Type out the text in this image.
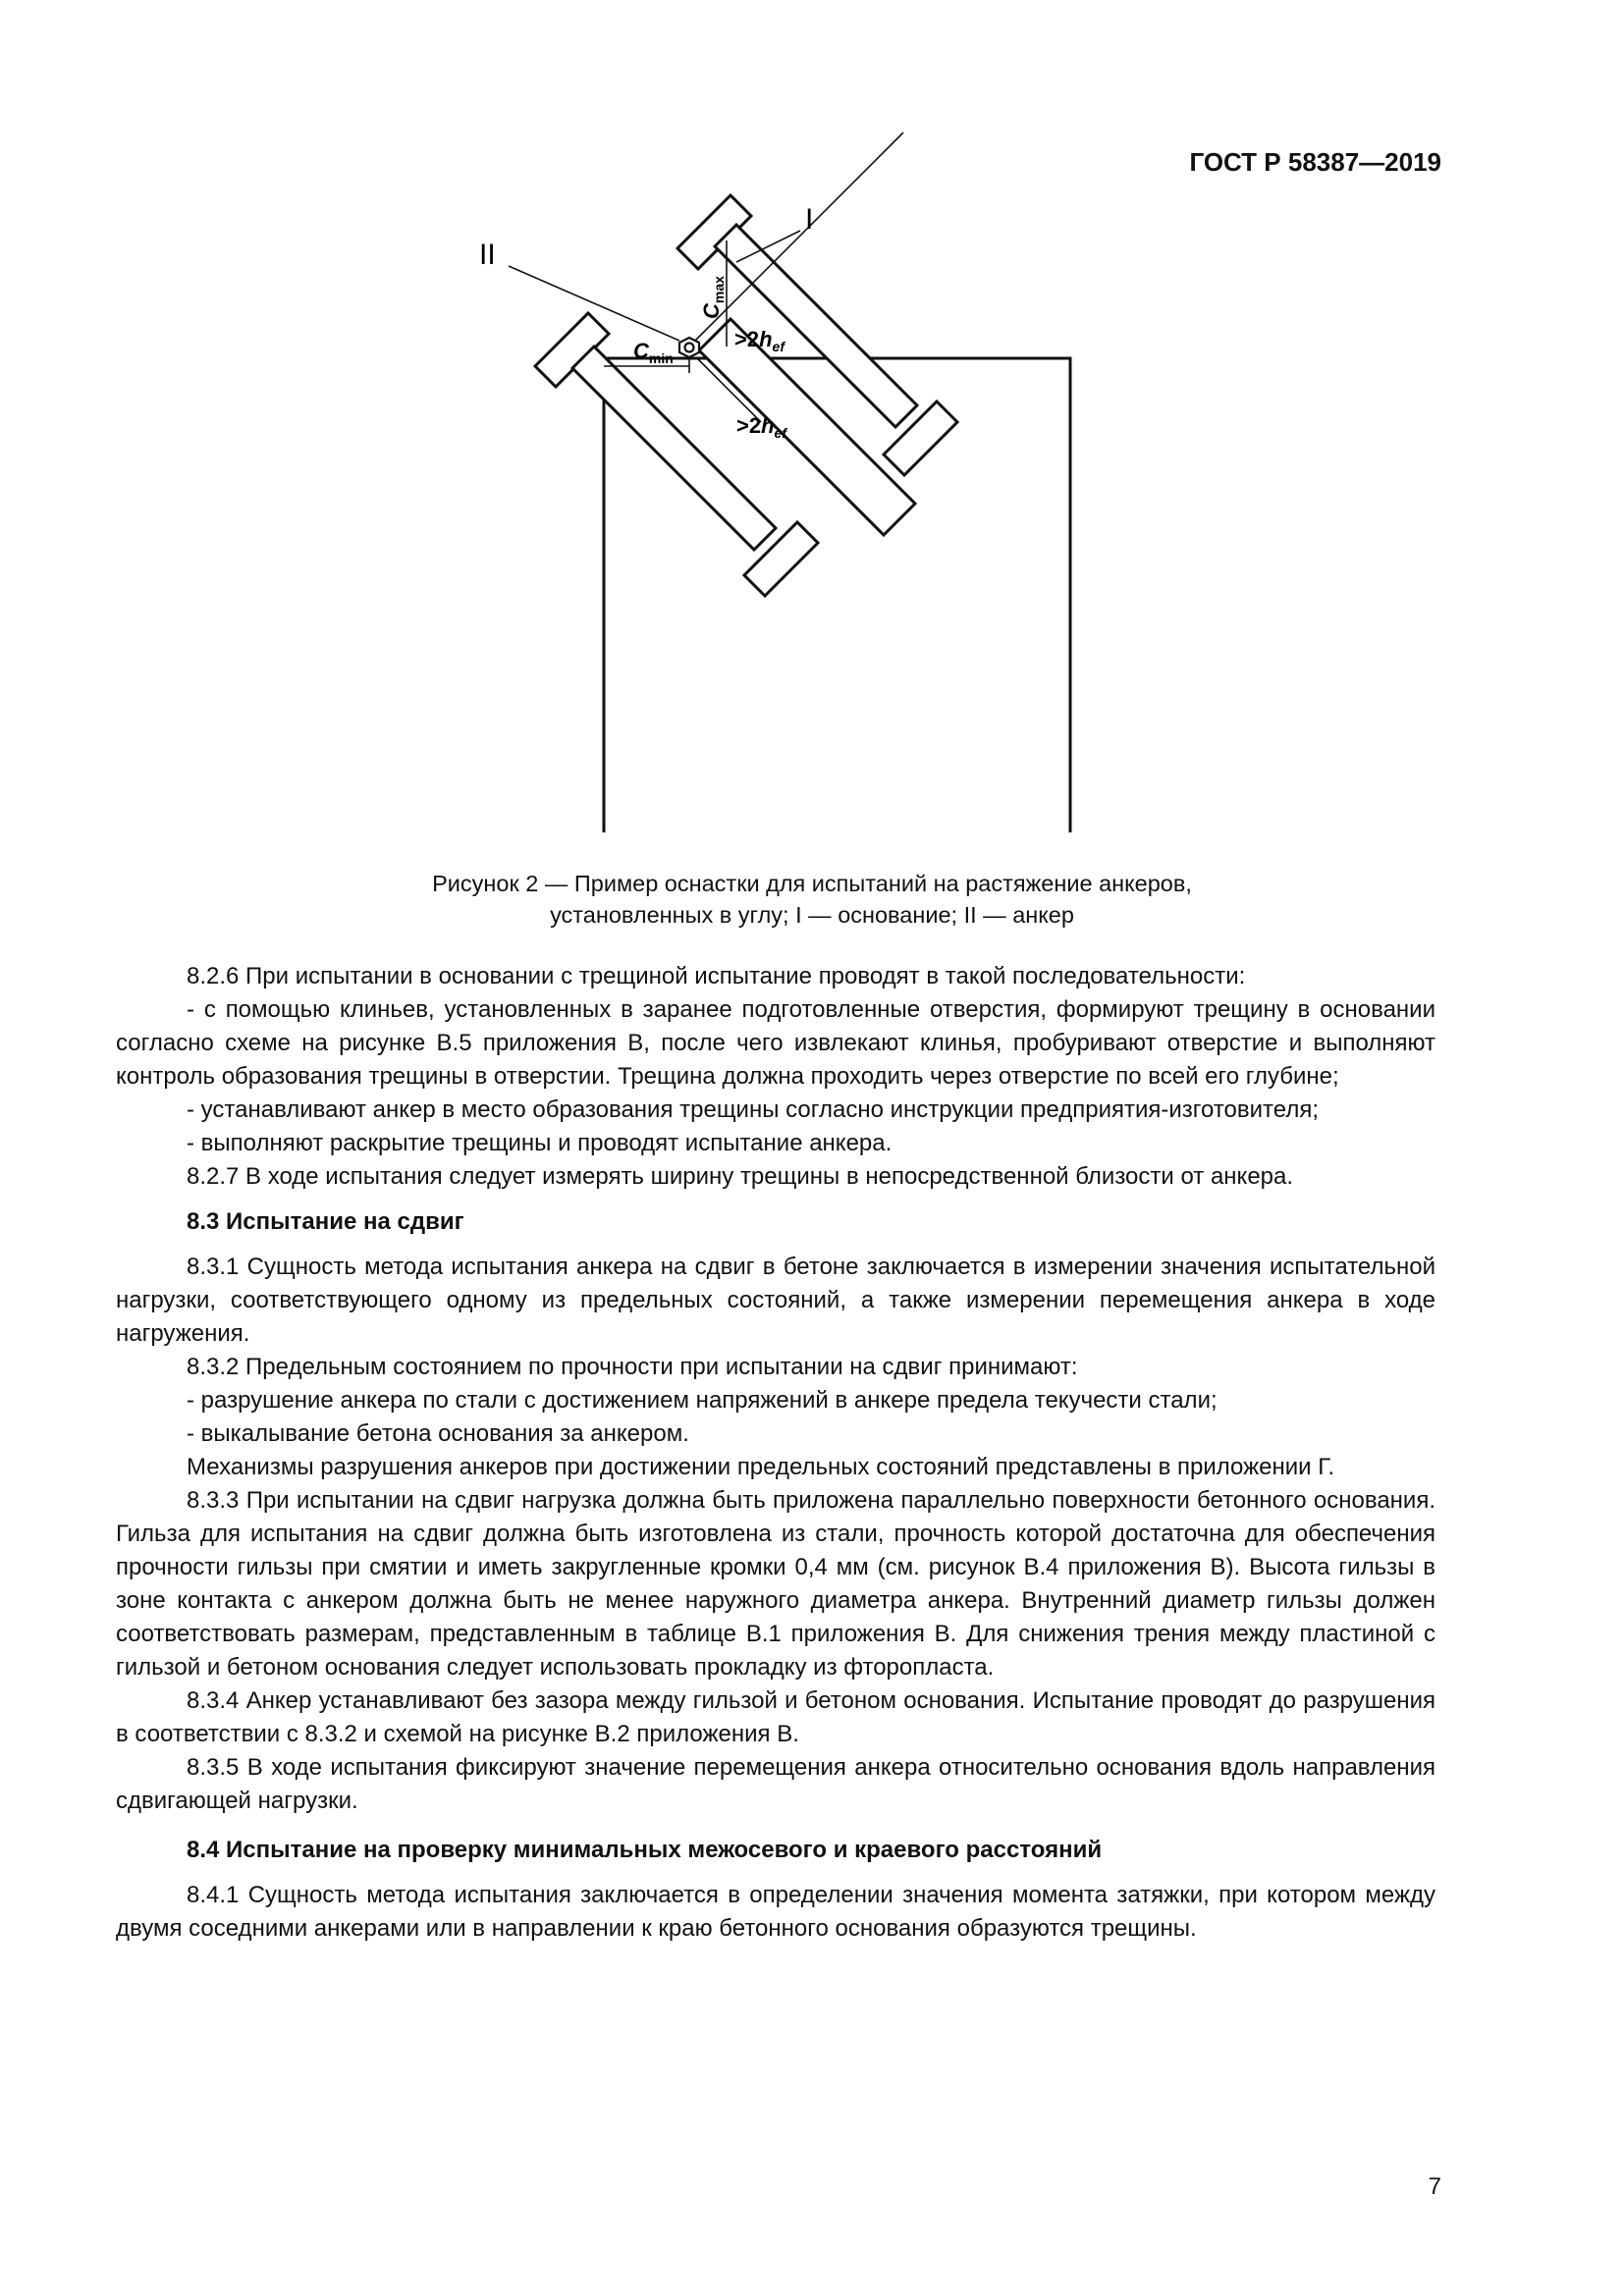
ГОСТ Р 58387—2019
I
II
$C_{min}$
$C_{max}$
$>2h_{ef}$
$>2h_{ef}$
Рисунок 2 — Пример оснастки для испытаний на растяжение анкеров,
установленных в углу; I — основание; II — анкер

8.2.6 При испытании в основании с трещиной испытание проводят в такой последовательности:

- с помощью клиньев, установленных в заранее подготовленные отверстия, формируют трещину в основании согласно схеме на рисунке В.5 приложения В, после чего извлекают клинья, пробуривают отверстие и выполняют контроль образования трещины в отверстии. Трещина должна проходить через отверстие по всей его глубине;

- устанавливают анкер в место образования трещины согласно инструкции предприятия-изготовителя;

- выполняют раскрытие трещины и проводят испытание анкера.

8.2.7 В ходе испытания следует измерять ширину трещины в непосредственной близости от анкера.

8.3 Испытание на сдвиг

8.3.1 Сущность метода испытания анкера на сдвиг в бетоне заключается в измерении значения испытательной нагрузки, соответствующего одному из предельных состояний, а также измерении перемещения анкера в ходе нагружения.

8.3.2 Предельным состоянием по прочности при испытании на сдвиг принимают:

- разрушение анкера по стали с достижением напряжений в анкере предела текучести стали;

- выкалывание бетона основания за анкером.

Механизмы разрушения анкеров при достижении предельных состояний представлены в приложении Г.

8.3.3 При испытании на сдвиг нагрузка должна быть приложена параллельно поверхности бетонного основания. Гильза для испытания на сдвиг должна быть изготовлена из стали, прочность которой достаточна для обеспечения прочности гильзы при смятии и иметь закругленные кромки 0,4 мм (см. рисунок В.4 приложения В). Высота гильзы в зоне контакта с анкером должна быть не менее наружного диаметра анкера. Внутренний диаметр гильзы должен соответствовать размерам, представленным в таблице В.1 приложения В. Для снижения трения между пластиной с гильзой и бетоном основания следует использовать прокладку из фторопласта.

8.3.4 Анкер устанавливают без зазора между гильзой и бетоном основания. Испытание проводят до разрушения в соответствии с 8.3.2 и схемой на рисунке В.2 приложения В.

8.3.5 В ходе испытания фиксируют значение перемещения анкера относительно основания вдоль направления сдвигающей нагрузки.

8.4 Испытание на проверку минимальных межосевого и краевого расстояний

8.4.1 Сущность метода испытания заключается в определении значения момента затяжки, при котором между двумя соседними анкерами или в направлении к краю бетонного основания образуются трещины.

7
